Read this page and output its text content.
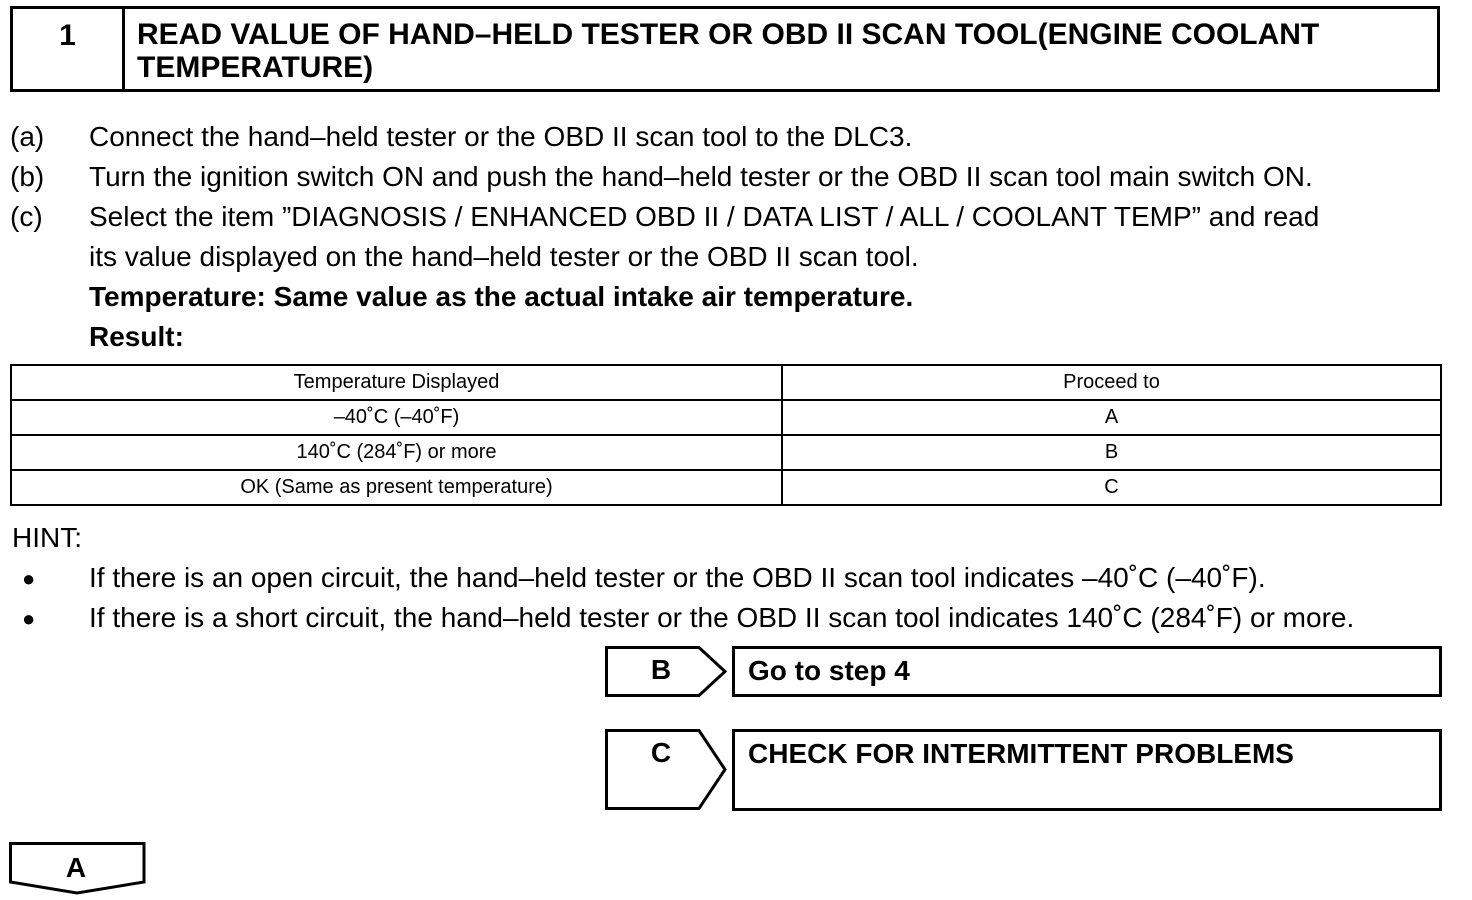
1	READ VALUE OF HAND–HELD TESTER OR OBD II SCAN TOOL(ENGINE COOLANT TEMPERATURE)
(a)	Connect the hand–held tester or the OBD II scan tool to the DLC3.
(b)	Turn the ignition switch ON and push the hand–held tester or the OBD II scan tool main switch ON.
(c)	Select the item ”DIAGNOSIS / ENHANCED OBD II / DATA LIST / ALL / COOLANT TEMP” and read
its value displayed on the hand–held tester or the OBD II scan tool.
Temperature: Same value as the actual intake air temperature.
Result:
Temperature Displayed	Proceed to
–40˚C (–40˚F)	A
140˚C (284˚F) or more	B
OK (Same as present temperature)	C
HINT:
● If there is an open circuit, the hand–held tester or the OBD II scan tool indicates –40˚C (–40˚F).
● If there is a short circuit, the hand–held tester or the OBD II scan tool indicates 140˚C (284˚F) or more.
B	Go to step 4
C	CHECK FOR INTERMITTENT PROBLEMS
A
